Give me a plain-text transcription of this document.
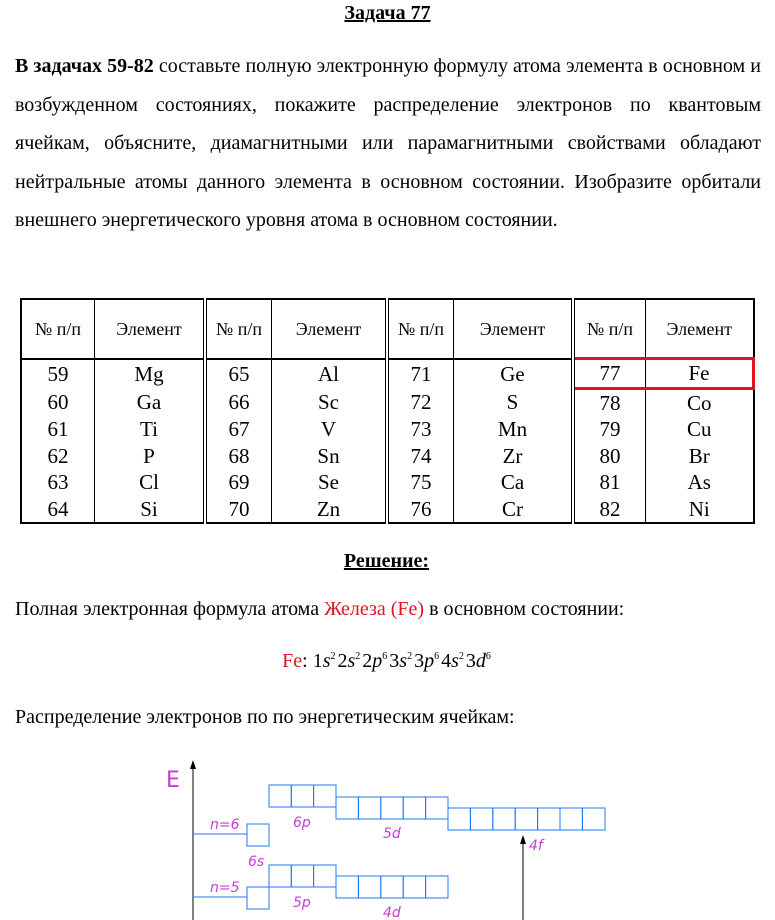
Задача 77
В задачах 59-82 составьте полную электронную формулу атома элемента в основном и возбужденном состояниях, покажите распределение электронов по квантовым ячейкам, объясните, диамагнитными или парамагнитными свойствами обладают нейтральные атомы данного элемента в основном состоянии. Изобразите орбитали внешнего энергетического уровня атома в основном состоянии.
№ п/п	Элемент	№ п/п	Элемент	№ п/п	Элемент	№ п/п	Элемент
59	Mg	65	Al	71	Ge	77	Fe
60	Ga	66	Sc	72	S	78	Co
61	Ti	67	V	73	Mn	79	Cu
62	P	68	Sn	74	Zr	80	Br
63	Cl	69	Se	75	Ca	81	As
64	Si	70	Zn	76	Cr	82	Ni
Решение:
Полная электронная формула атома Железа (Fe) в основном состоянии:
Fe: $1s^2$ $2s^2$ $2p^6$ $3s^2$ $3p^6$ $4s^2$ $3d^6$
Распределение электронов по по энергетическим ячейкам:
E
n=6
n=5
6s
6p
5d
4f
5p
4d
